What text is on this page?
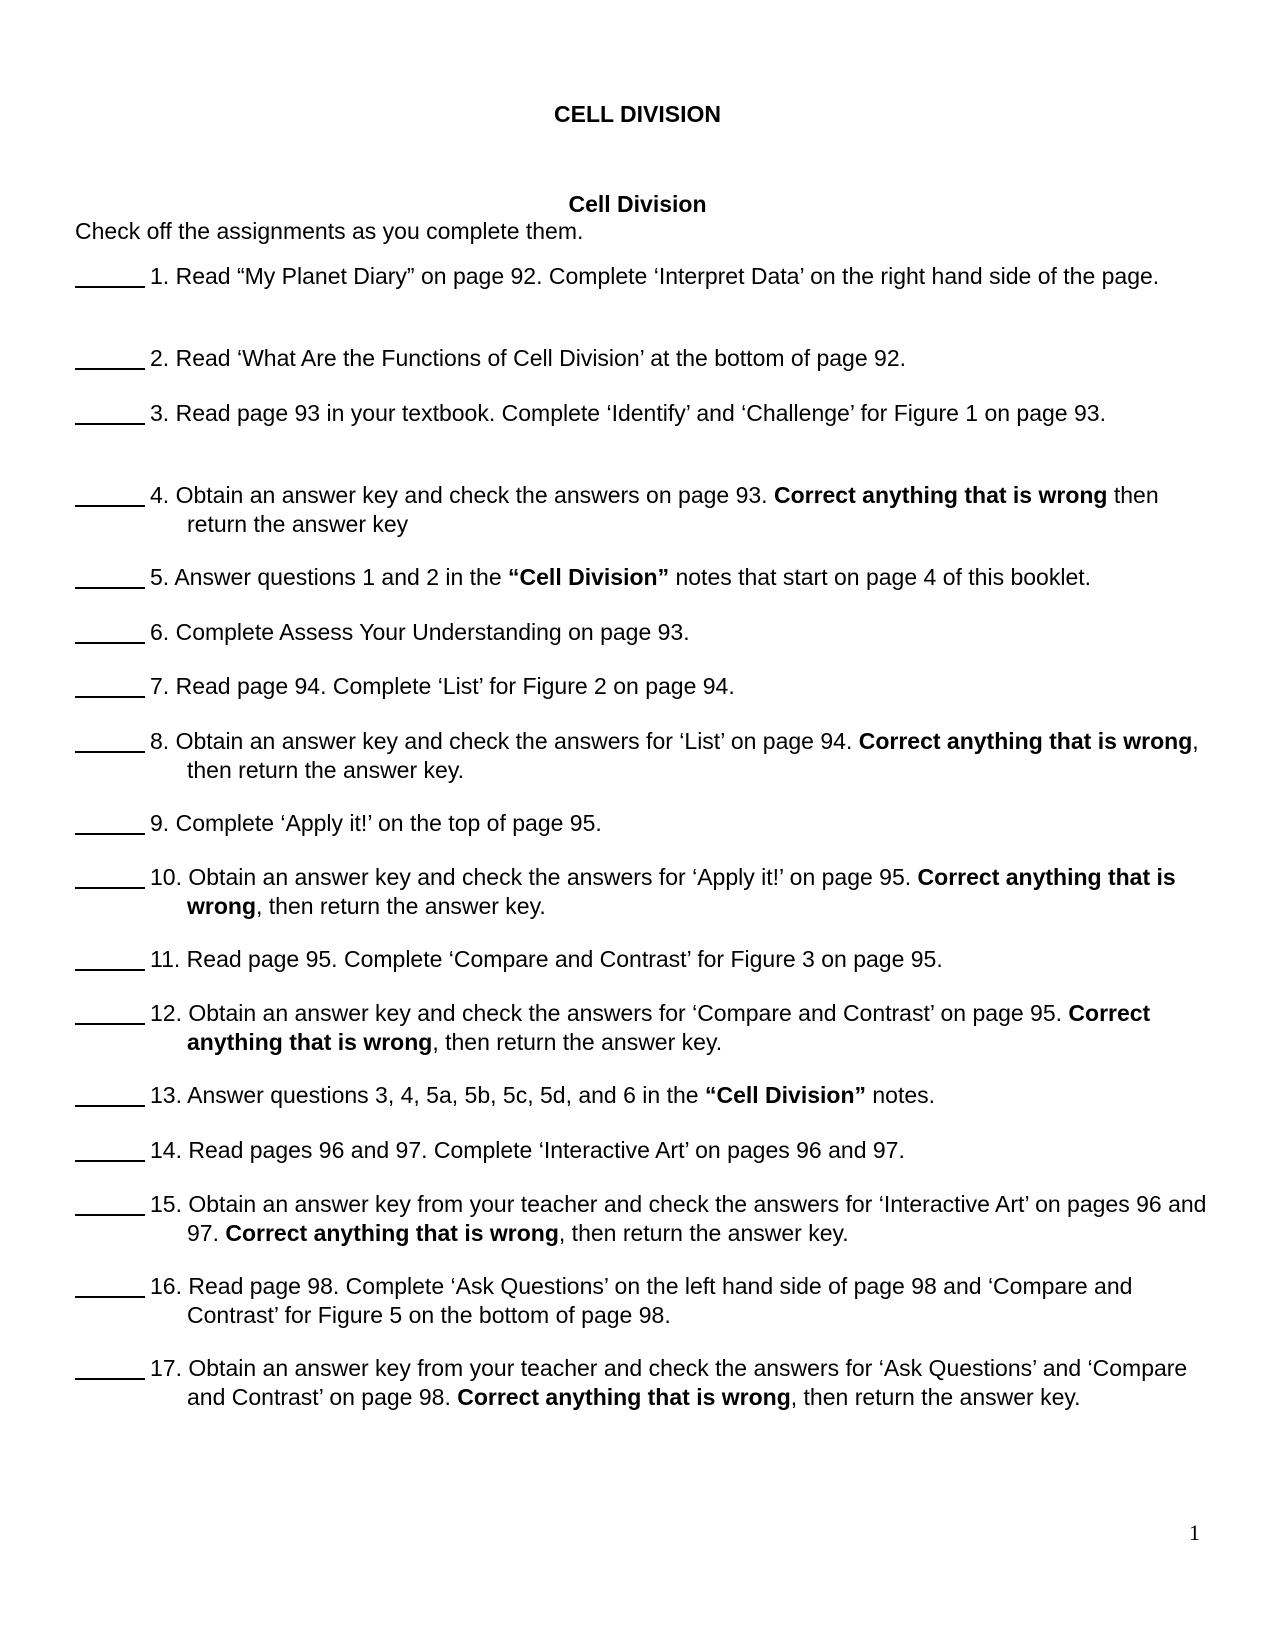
CELL DIVISION
Cell Division
Check off the assignments as you complete them.
1. Read “My Planet Diary” on page 92. Complete ‘Interpret Data’ on the right hand side of the page.
2. Read ‘What Are the Functions of Cell Division’ at the bottom of page 92.
3. Read page 93 in your textbook. Complete ‘Identify’ and ‘Challenge’ for Figure 1 on page 93.
4. Obtain an answer key and check the answers on page 93. Correct anything that is wrong then return the answer key
5. Answer questions 1 and 2 in the “Cell Division” notes that start on page 4 of this booklet.
6. Complete Assess Your Understanding on page 93.
7. Read page 94. Complete ‘List’ for Figure 2 on page 94.
8. Obtain an answer key and check the answers for ‘List’ on page 94. Correct anything that is wrong, then return the answer key.
9. Complete ‘Apply it!’ on the top of page 95.
10. Obtain an answer key and check the answers for ‘Apply it!’ on page 95. Correct anything that is wrong, then return the answer key.
11. Read page 95. Complete ‘Compare and Contrast’ for Figure 3 on page 95.
12. Obtain an answer key and check the answers for ‘Compare and Contrast’ on page 95. Correct anything that is wrong, then return the answer key.
13. Answer questions 3, 4, 5a, 5b, 5c, 5d, and 6 in the “Cell Division” notes.
14. Read pages 96 and 97. Complete ‘Interactive Art’ on pages 96 and 97.
15. Obtain an answer key from your teacher and check the answers for ‘Interactive Art’ on pages 96 and 97. Correct anything that is wrong, then return the answer key.
16. Read page 98. Complete ‘Ask Questions’ on the left hand side of page 98 and ‘Compare and Contrast’ for Figure 5 on the bottom of page 98.
17. Obtain an answer key from your teacher and check the answers for ‘Ask Questions’ and ‘Compare and Contrast’ on page 98. Correct anything that is wrong, then return the answer key.
1
